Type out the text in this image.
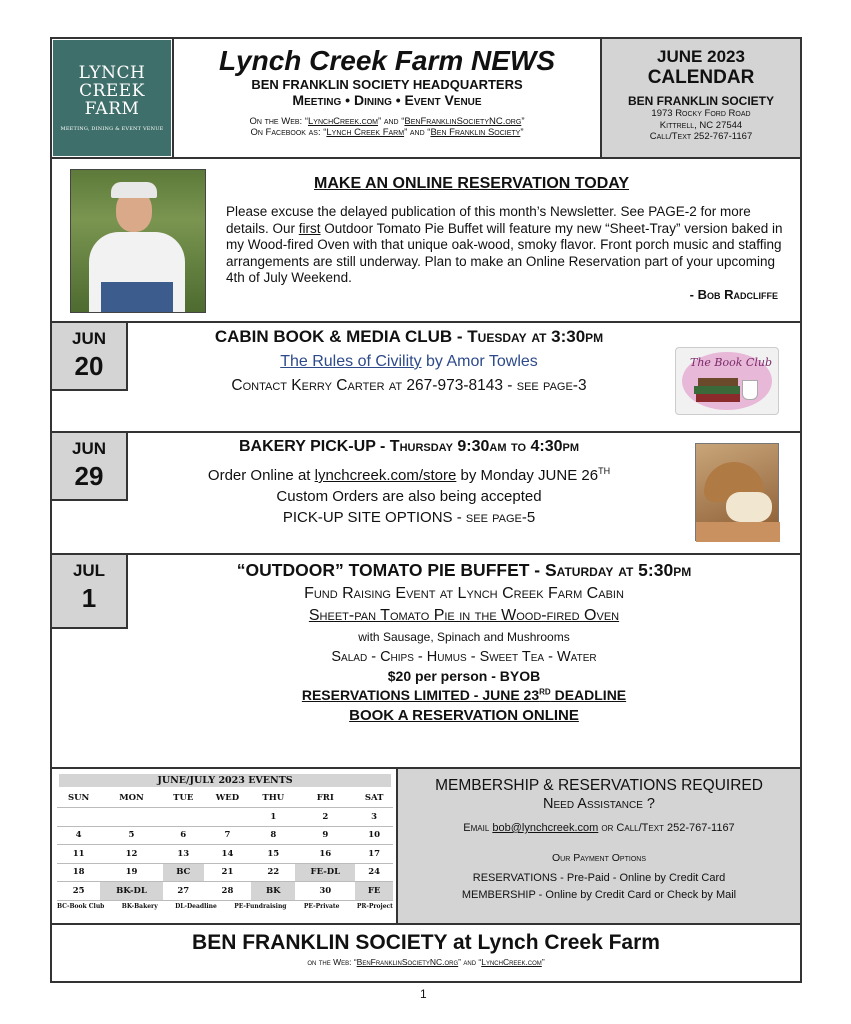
LYNCH
CREEK
FARM
MEETING, DINING & EVENT VENUE
Lynch Creek Farm NEWS
BEN FRANKLIN SOCIETY HEADQUARTERS
Meeting • Dining • Event Venue
On the Web: “LynchCreek.com” and “BenFranklinSocietyNC.org”
On Facebook as: “Lynch Creek Farm” and “Ben Franklin Society”
JUNE 2023
CALENDAR
BEN FRANKLIN SOCIETY
1973 Rocky Ford Road
Kittrell, NC 27544
Call/Text 252-767-1167
MAKE AN ONLINE RESERVATION TODAY

Please excuse the delayed publication of this month’s Newsletter. See PAGE-2 for more details. Our first Outdoor Tomato Pie Buffet will feature my new “Sheet-Tray” version baked in my Wood-fired Oven with that unique oak-wood, smoky flavor. Front porch music and staffing arrangements are still underway. Plan to make an Online Reservation part of your upcoming 4th of July Weekend.

- Bob Radcliffe
JUN
20
CABIN BOOK & MEDIA CLUB - Tuesday at 3:30pm
The Rules of Civility by Amor Towles
Contact Kerry Carter at 267-973-8143 - see page-3
The Book Club
JUN
29
BAKERY PICK-UP - Thursday 9:30am to 4:30pm
Order Online at lynchcreek.com/store by Monday JUNE 26TH
Custom Orders are also being accepted
PICK-UP SITE OPTIONS - see page-5
JUL
1
“OUTDOOR” TOMATO PIE BUFFET - Saturday at 5:30pm
Fund Raising Event at Lynch Creek Farm Cabin
Sheet-pan Tomato Pie in the Wood-fired Oven
with Sausage, Spinach and Mushrooms
Salad - Chips - Humus - Sweet Tea - Water
$20 per person - BYOB
RESERVATIONS LIMITED - JUNE 23RD DEADLINE
BOOK A RESERVATION ONLINE
JUNE/JULY 2023 EVENTS
SUN	MON	TUE	WED	THU	FRI	SAT
				1	2	3
4	5	6	7	8	9	10
11	12	13	14	15	16	17
18	19	BC	21	22	FE-DL	24
25	BK-DL	27	28	BK	30	FE
BC-Book Club	BK-Bakery	DL-Deadline	PE-Fundraising	PE-Private	PR-Project
MEMBERSHIP & RESERVATIONS REQUIRED
Need Assistance ?
Email bob@lynchcreek.com or Call/Text 252-767-1167
Our Payment Options
RESERVATIONS - Pre-Paid - Online by Credit Card
MEMBERSHIP - Online by Credit Card or Check by Mail
BEN FRANKLIN SOCIETY at Lynch Creek Farm
on the Web: “BenFranklinSocietyNC.org” and “LynchCreek.com”
1
